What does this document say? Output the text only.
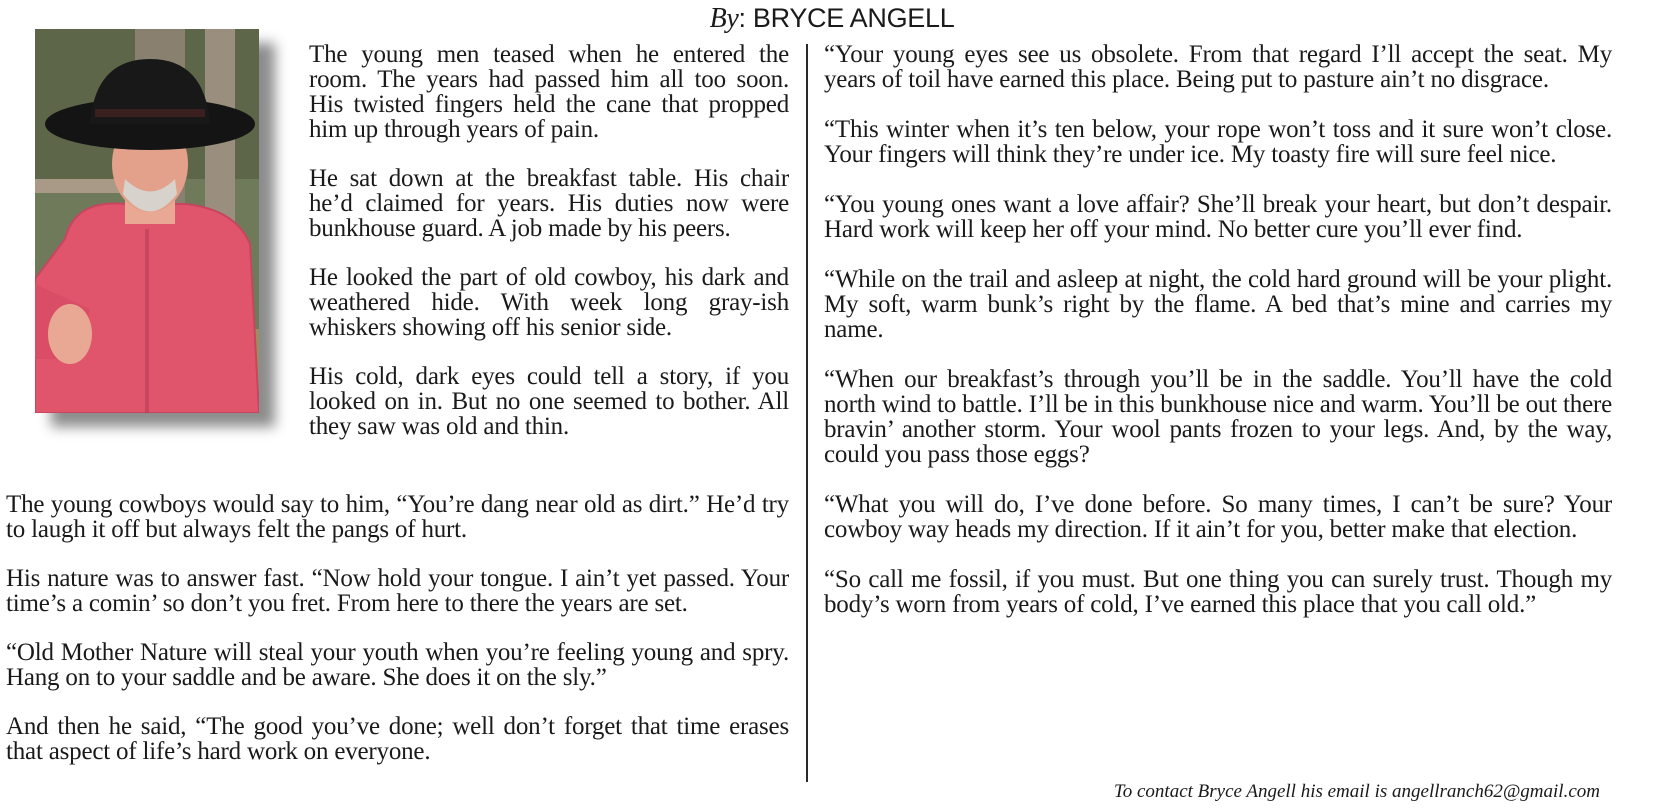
By: BRYCE ANGELL

The young men teased when he entered the room. The years had passed him all too soon. His twisted fingers held the cane that propped him up through years of pain.

He sat down at the breakfast table. His chair he’d claimed for years. His duties now were bunkhouse guard. A job made by his peers.

He looked the part of old cowboy, his dark and weathered hide. With week long gray-ish whiskers showing off his senior side.

His cold, dark eyes could tell a story, if you looked on in. But no one seemed to bother. All they saw was old and thin.

The young cowboys would say to him, “You’re dang near old as dirt.” He’d try to laugh it off but always felt the pangs of hurt.

His nature was to answer fast. “Now hold your tongue. I ain’t yet passed. Your time’s a comin’ so don’t you fret. From here to there the years are set.

“Old Mother Nature will steal your youth when you’re feeling young and spry. Hang on to your saddle and be aware. She does it on the sly.”

And then he said, “The good you’ve done; well don’t forget that time erases that aspect of life’s hard work on everyone.

“Your young eyes see us obsolete. From that regard I’ll accept the seat. My years of toil have earned this place. Being put to pasture ain’t no disgrace.

“This winter when it’s ten below, your rope won’t toss and it sure won’t close. Your fingers will think they’re under ice. My toasty fire will sure feel nice.

“You young ones want a love affair? She’ll break your heart, but don’t despair. Hard work will keep her off your mind. No better cure you’ll ever find.

“While on the trail and asleep at night, the cold hard ground will be your plight. My soft, warm bunk’s right by the flame. A bed that’s mine and carries my name.

“When our breakfast’s through you’ll be in the saddle. You’ll have the cold north wind to battle. I’ll be in this bunkhouse nice and warm. You’ll be out there bravin’ another storm. Your wool pants frozen to your legs. And, by the way, could you pass those eggs?

“What you will do, I’ve done before. So many times, I can’t be sure? Your cowboy way heads my direction. If it ain’t for you, better make that election.

“So call me fossil, if you must. But one thing you can surely trust. Though my body’s worn from years of cold, I’ve earned this place that you call old.”

To contact Bryce Angell his email is angellranch62@gmail.com
